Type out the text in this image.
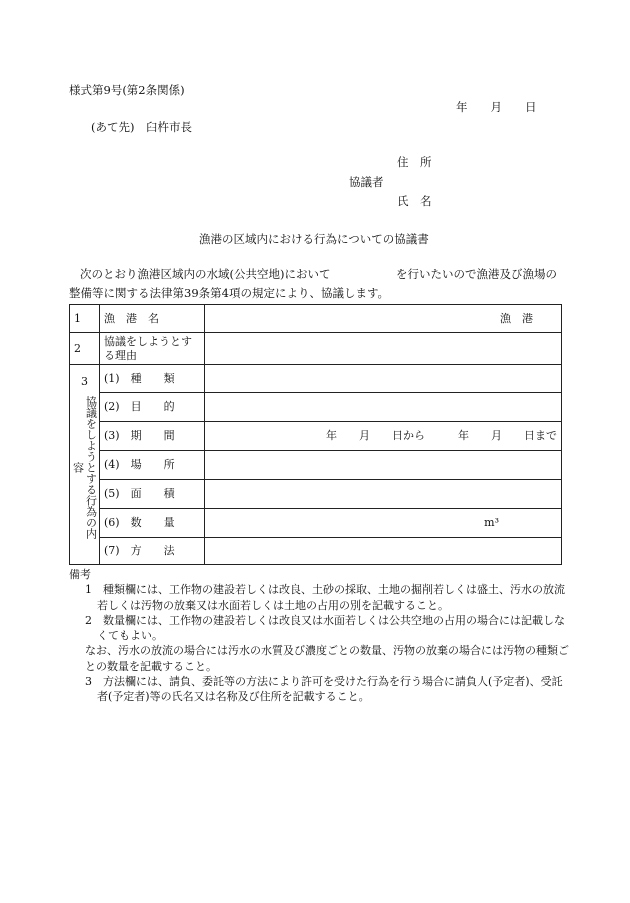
様式第9号(第2条関係)
年　　月　　日
(あて先)　臼杵市長
住　所
協議者
氏　名
漁港の区域内における行為についての協議書
次のとおり漁港区域内の水域(公共空地)において	を行いたいので漁港及び漁場の
整備等に関する法律第39条第4項の規定により、協議します。
1	漁　港　名	漁　港
2	協議をしようとする理由	

3
協議をしようとする行為の内容	(1)　種　　類	
	(2)　目　　的	
	(3)　期　　間	年　　月　　日から　　　年　　月　　日まで
	(4)　場　　所	
	(5)　面　　積	
	(6)　数　　量	m³
	(7)　方　　法	

備考

1　種類欄には、工作物の建設若しくは改良、土砂の採取、土地の掘削若しくは盛土、汚水の放流若しくは汚物の放棄又は水面若しくは土地の占用の別を記載すること。

2　数量欄には、工作物の建設若しくは改良又は水面若しくは公共空地の占用の場合には記載しなくてもよい。

なお、汚水の放流の場合には汚水の水質及び濃度ごとの数量、汚物の放棄の場合には汚物の種類ごとの数量を記載すること。

3　方法欄には、請負、委託等の方法により許可を受けた行為を行う場合に請負人(予定者)、受託者(予定者)等の氏名又は名称及び住所を記載すること。
